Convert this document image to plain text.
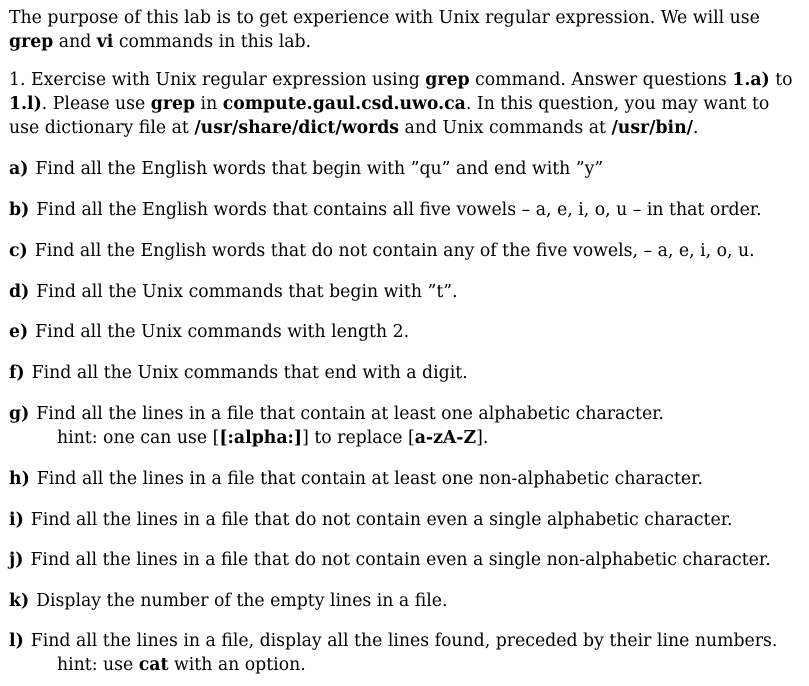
The purpose of this lab is to get experience with Unix regular expression. We will use grep and vi commands in this lab.

1. Exercise with Unix regular expression using grep command. Answer questions 1.a) to 1.l). Please use grep in compute.gaul.csd.uwo.ca. In this question, you may want to use dictionary file at /usr/share/dict/words and Unix commands at /usr/bin/.

a) Find all the English words that begin with ”qu” and end with ”y”

b) Find all the English words that contains all five vowels – a, e, i, o, u – in that order.

c) Find all the English words that do not contain any of the five vowels, – a, e, i, o, u.

d) Find all the Unix commands that begin with ”t”.

e) Find all the Unix commands with length 2.

f) Find all the Unix commands that end with a digit.

g) Find all the lines in a file that contain at least one alphabetic character.
hint: one can use [[:alpha:]] to replace [a-zA-Z].

h) Find all the lines in a file that contain at least one non-alphabetic character.

i) Find all the lines in a file that do not contain even a single alphabetic character.

j) Find all the lines in a file that do not contain even a single non-alphabetic character.

k) Display the number of the empty lines in a file.

l) Find all the lines in a file, display all the lines found, preceded by their line numbers.
hint: use cat with an option.
